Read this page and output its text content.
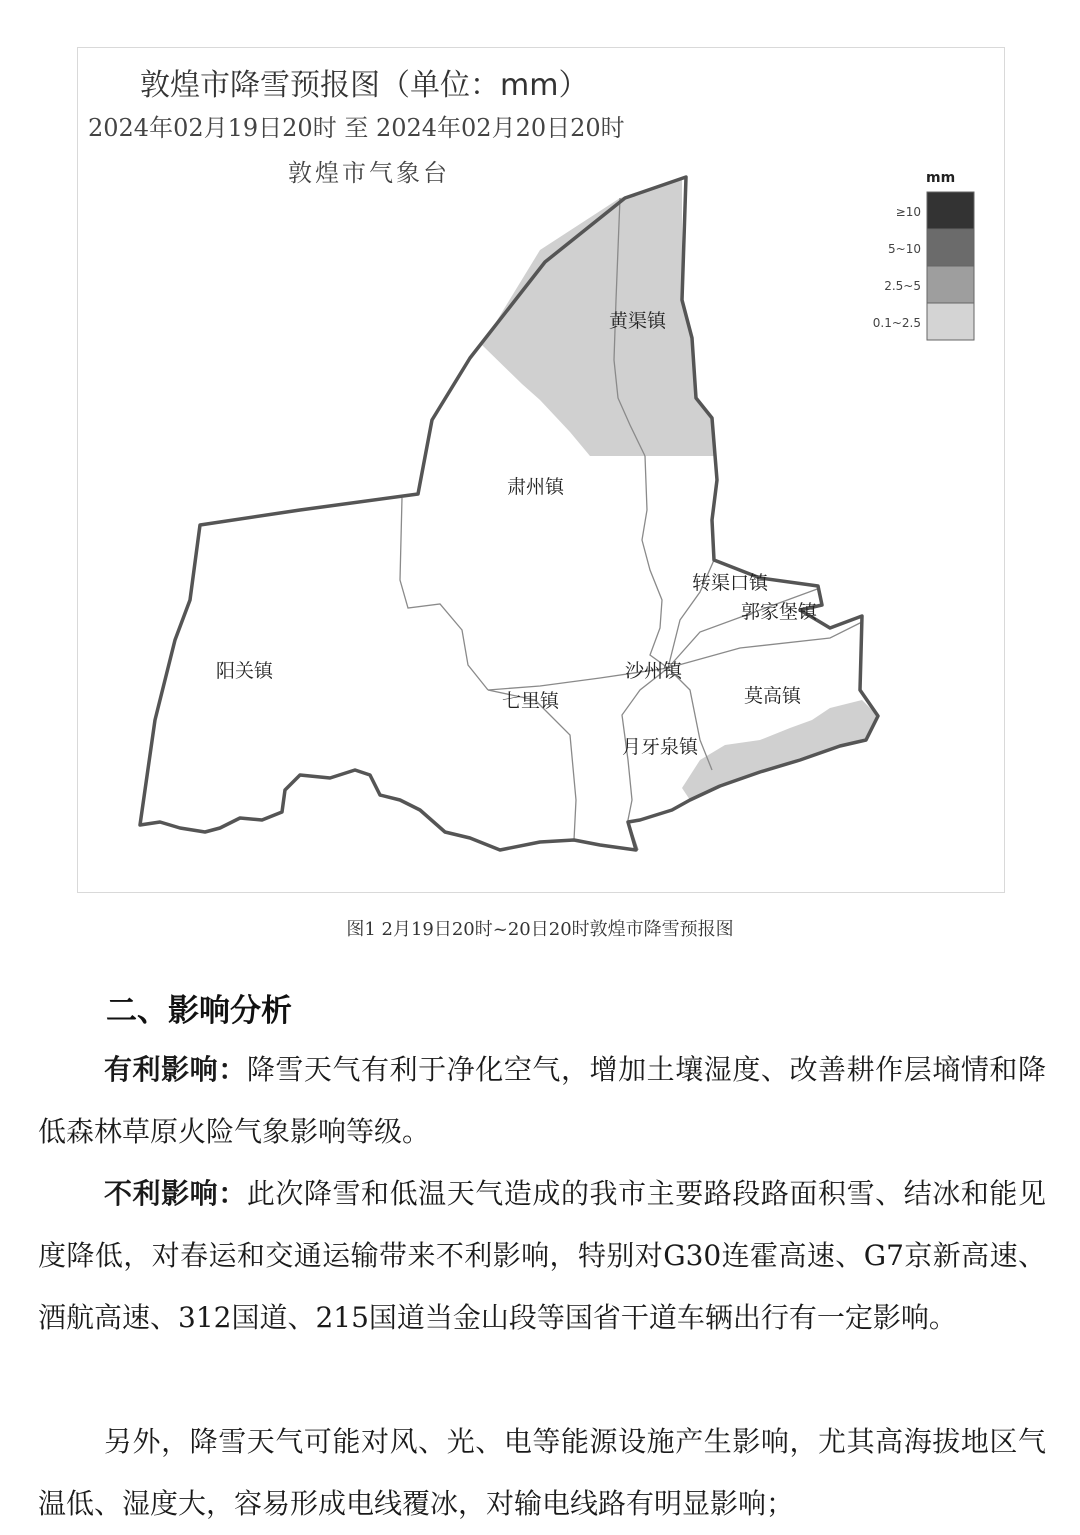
敦煌市降雪预报图（单位：mm）
2024年02月19日20时 至 2024年02月20日20时
敦煌市气象台
黄渠镇
肃州镇
转渠口镇
郭家堡镇
阳关镇	沙州镇
莫高镇
七里镇
月牙泉镇
mm
≥10
5~10
2.5~5
0.1~2.5
图1 2月19日20时~20日20时敦煌市降雪预报图
二、影响分析

有利影响：降雪天气有利于净化空气，增加土壤湿度、改善耕作层墒情和降低森林草原火险气象影响等级。

不利影响：此次降雪和低温天气造成的我市主要路段路面积雪、结冰和能见度降低，对春运和交通运输带来不利影响，特别对G30连霍高速、G7京新高速、酒航高速、312国道、215国道当金山段等国省干道车辆出行有一定影响。

另外，降雪天气可能对风、光、电等能源设施产生影响，尤其高海拔地区气温低、湿度大，容易形成电线覆冰，对输电线路有明显影响；
